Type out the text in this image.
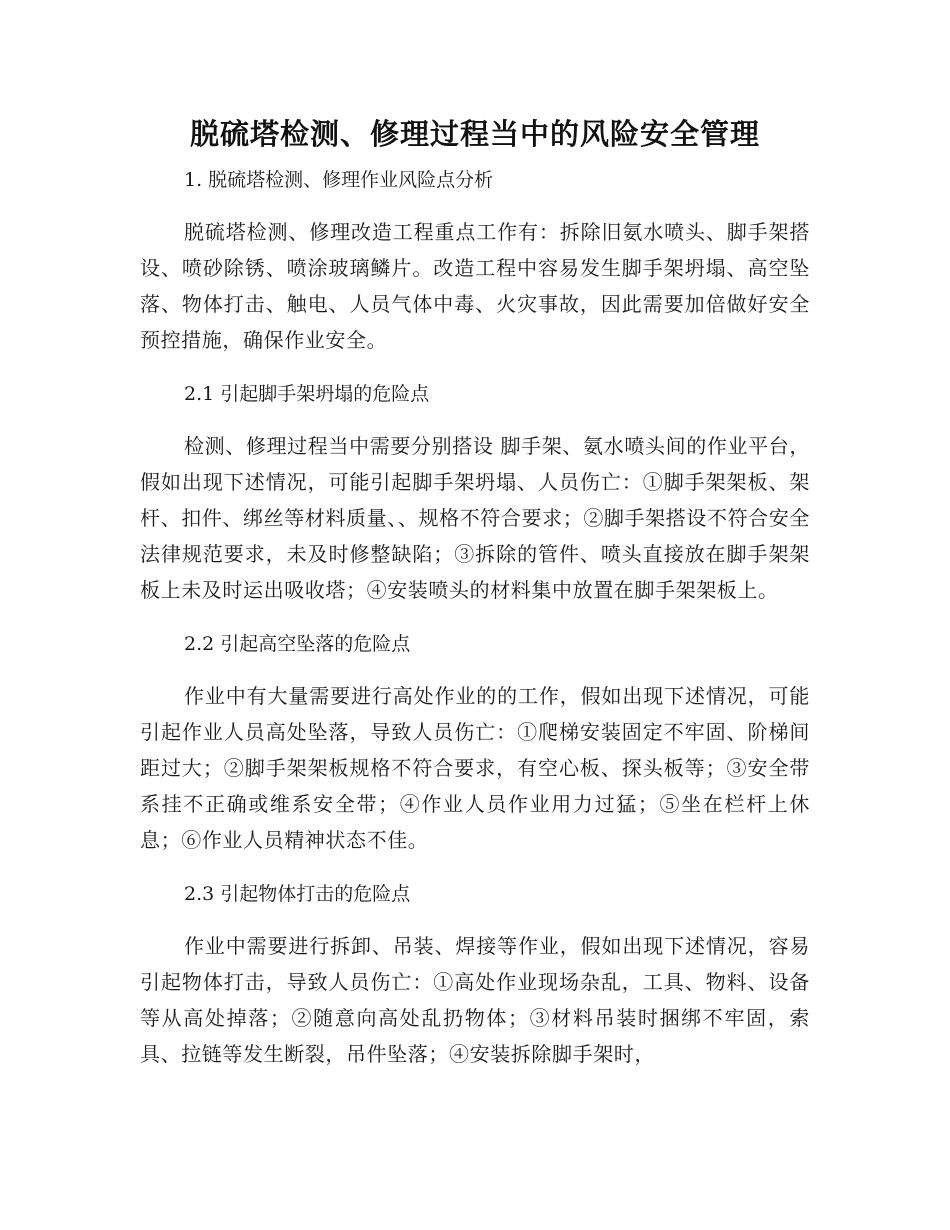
脱硫塔检测、修理过程当中的风险安全管理
1. 脱硫塔检测、修理作业风险点分析

脱硫塔检测、修理改造工程重点工作有：拆除旧氨水喷头、脚手架搭设、喷砂除锈、喷涂玻璃鳞片。改造工程中容易发生脚手架坍塌、高空坠落、物体打击、触电、人员气体中毒、火灾事故，因此需要加倍做好安全预控措施，确保作业安全。

2.1 引起脚手架坍塌的危险点

检测、修理过程当中需要分别搭设 脚手架、氨水喷头间的作业平台，假如出现下述情况，可能引起脚手架坍塌、人员伤亡：①脚手架架板、架杆、扣件、绑丝等材料质量、、规格不符合要求；②脚手架搭设不符合安全法律规范要求，未及时修整缺陷；③拆除的管件、喷头直接放在脚手架架板上未及时运出吸收塔；④安装喷头的材料集中放置在脚手架架板上。

2.2 引起高空坠落的危险点

作业中有大量需要进行高处作业的的工作，假如出现下述情况，可能引起作业人员高处坠落，导致人员伤亡：①爬梯安装固定不牢固、阶梯间距过大；②脚手架架板规格不符合要求，有空心板、探头板等；③安全带系挂不正确或维系安全带；④作业人员作业用力过猛；⑤坐在栏杆上休息；⑥作业人员精神状态不佳。

2.3 引起物体打击的危险点

作业中需要进行拆卸、吊装、焊接等作业，假如出现下述情况，容易引起物体打击，导致人员伤亡：①高处作业现场杂乱，工具、物料、设备等从高处掉落；②随意向高处乱扔物体；③材料吊装时捆绑不牢固，索具、拉链等发生断裂，吊件坠落；④安装拆除脚手架时，
